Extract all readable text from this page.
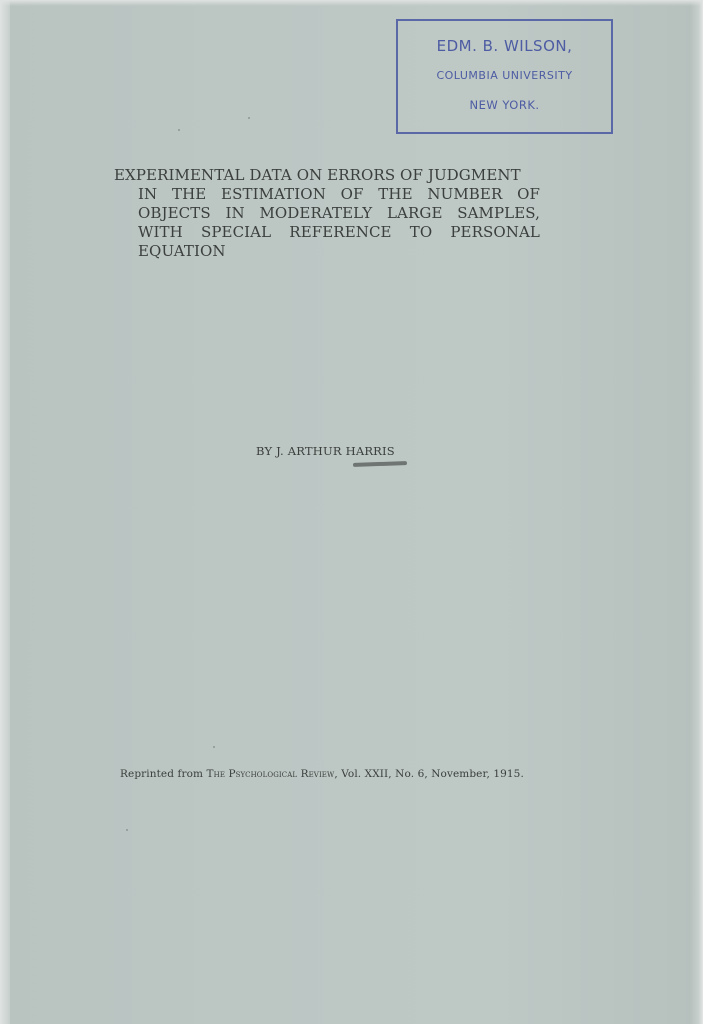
EDM. B. WILSON,
COLUMBIA UNIVERSITY
NEW YORK.
EXPERIMENTAL DATA ON ERRORS OF JUDGMENT
IN THE ESTIMATION OF THE NUMBER OF
OBJECTS IN MODERATELY LARGE SAMPLES,
WITH SPECIAL REFERENCE TO PERSONAL
EQUATION
BY J. ARTHUR HARRIS
Reprinted from The Psychological Review, Vol. XXII, No. 6, November, 1915.
